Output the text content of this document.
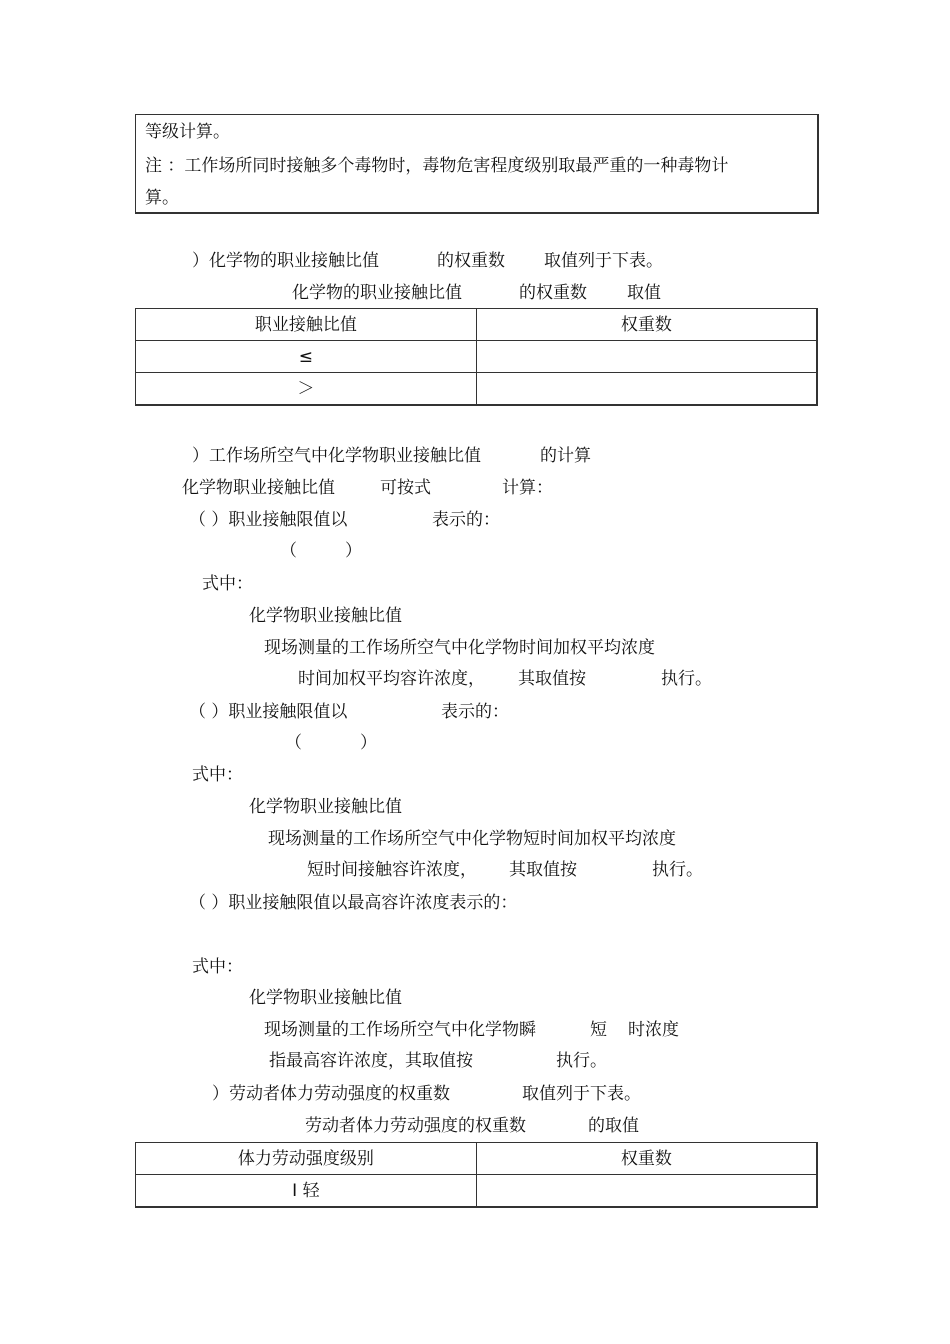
等级计算。
注 ：工作场所同时接触多个毒物时，毒物危害程度级别取最严重的一种毒物计
算。
）化学物的职业接触比值	的权重数 取值列于下表。
化学物的职业接触比值	的权重数 取值
职业接触比值	权重数
≤	
＞	
）工作场所空气中化学物职业接触比值	的计算
化学物职业接触比值	可按式	计算：
（ ）职业接触限值以	表示的：
（	）
式中：
化学物职业接触比值
现场测量的工作场所空气中化学物时间加权平均浓度
时间加权平均容许浓度， 其取值按	执行。
（ ）职业接触限值以	表示的：
（	）
式中：
化学物职业接触比值
现场测量的工作场所空气中化学物短时间加权平均浓度
短时间接触容许浓度， 其取值按	执行。
（ ）职业接触限值以最高容许浓度表示的：
式中：
化学物职业接触比值
现场测量的工作场所空气中化学物瞬	短 时浓度
指最高容许浓度，其取值按	执行。
）劳动者体力劳动强度的权重数	取值列于下表。
劳动者体力劳动强度的权重数	的取值
体力劳动强度级别	权重数
Ⅰ 轻	
